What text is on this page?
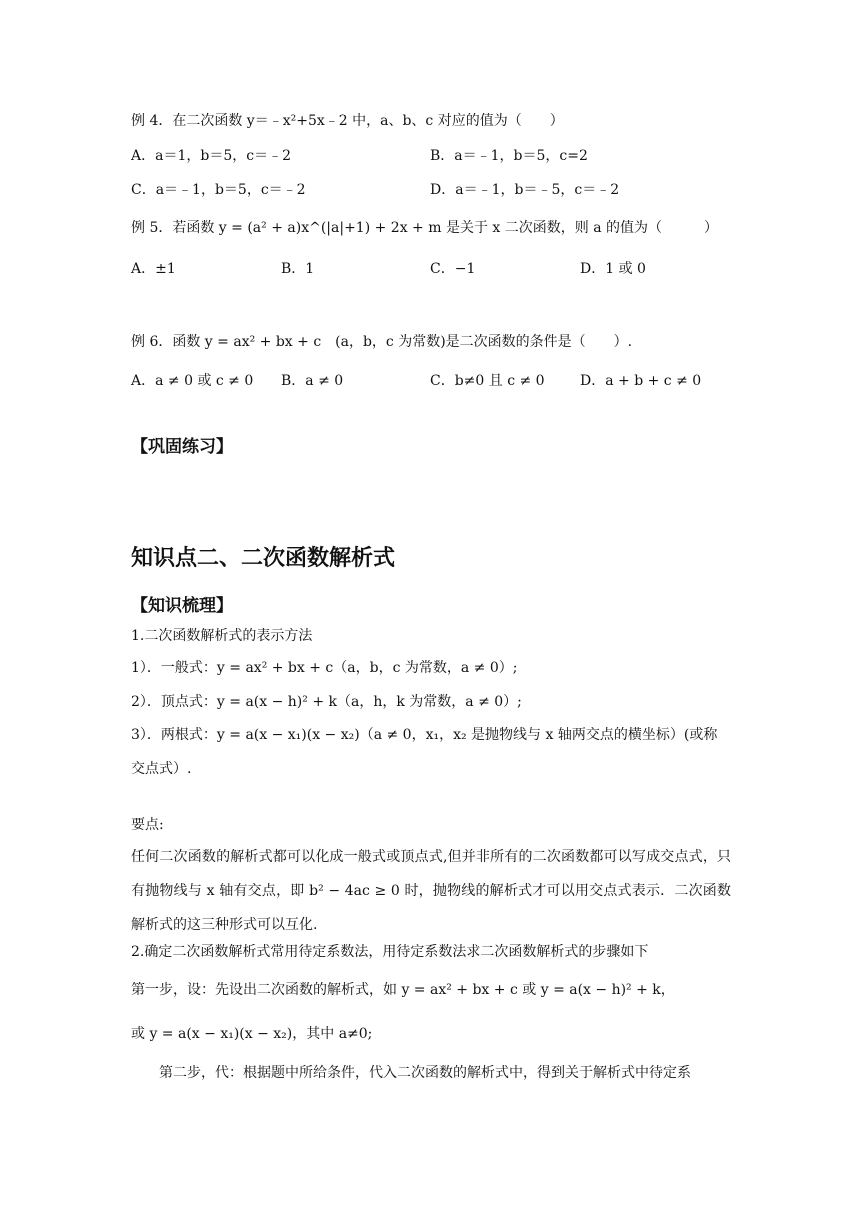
例 4．在二次函数 y＝﹣x²+5x﹣2 中，a、b、c 对应的值为（　　）
A．a＝1，b＝5，c＝﹣2	B．a＝﹣1，b＝5，c=2
C．a＝﹣1，b＝5，c＝﹣2	D．a＝﹣1，b＝﹣5，c＝﹣2
例 5．若函数 y = (a² + a)x^(|a|+1) + 2x + m 是关于 x 二次函数，则 a 的值为（　　　）
A．±1	B．1	C．−1	D．1 或 0
例 6．函数 y = ax² + bx + c　(a，b，c 为常数)是二次函数的条件是（　　）.
A．a ≠ 0 或 c ≠ 0 B．a ≠ 0	C．b≠0 且 c ≠ 0	D．a + b + c ≠ 0
【巩固练习】
知识点二、二次函数解析式
【知识梳理】
1.二次函数解析式的表示方法
1）．一般式：y = ax² + bx + c（a，b，c 为常数，a ≠ 0）;
2）．顶点式：y = a(x − h)² + k（a，h，k 为常数，a ≠ 0）;
3）．两根式：y = a(x − x₁)(x − x₂)（a ≠ 0，x₁，x₂ 是抛物线与 x 轴两交点的横坐标）(或称
交点式）.
要点:
任何二次函数的解析式都可以化成一般式或顶点式,但并非所有的二次函数都可以写成交点式，只有抛物线与 x 轴有交点，即 b² − 4ac ≥ 0 时，抛物线的解析式才可以用交点式表示．二次函数解析式的这三种形式可以互化.
2.确定二次函数解析式常用待定系数法，用待定系数法求二次函数解析式的步骤如下
第一步，设：先设出二次函数的解析式，如 y = ax² + bx + c 或 y = a(x − h)² + k，
或 y = a(x − x₁)(x − x₂)，其中 a≠0;
　第二步，代：根据题中所给条件，代入二次函数的解析式中，得到关于解析式中待定系
